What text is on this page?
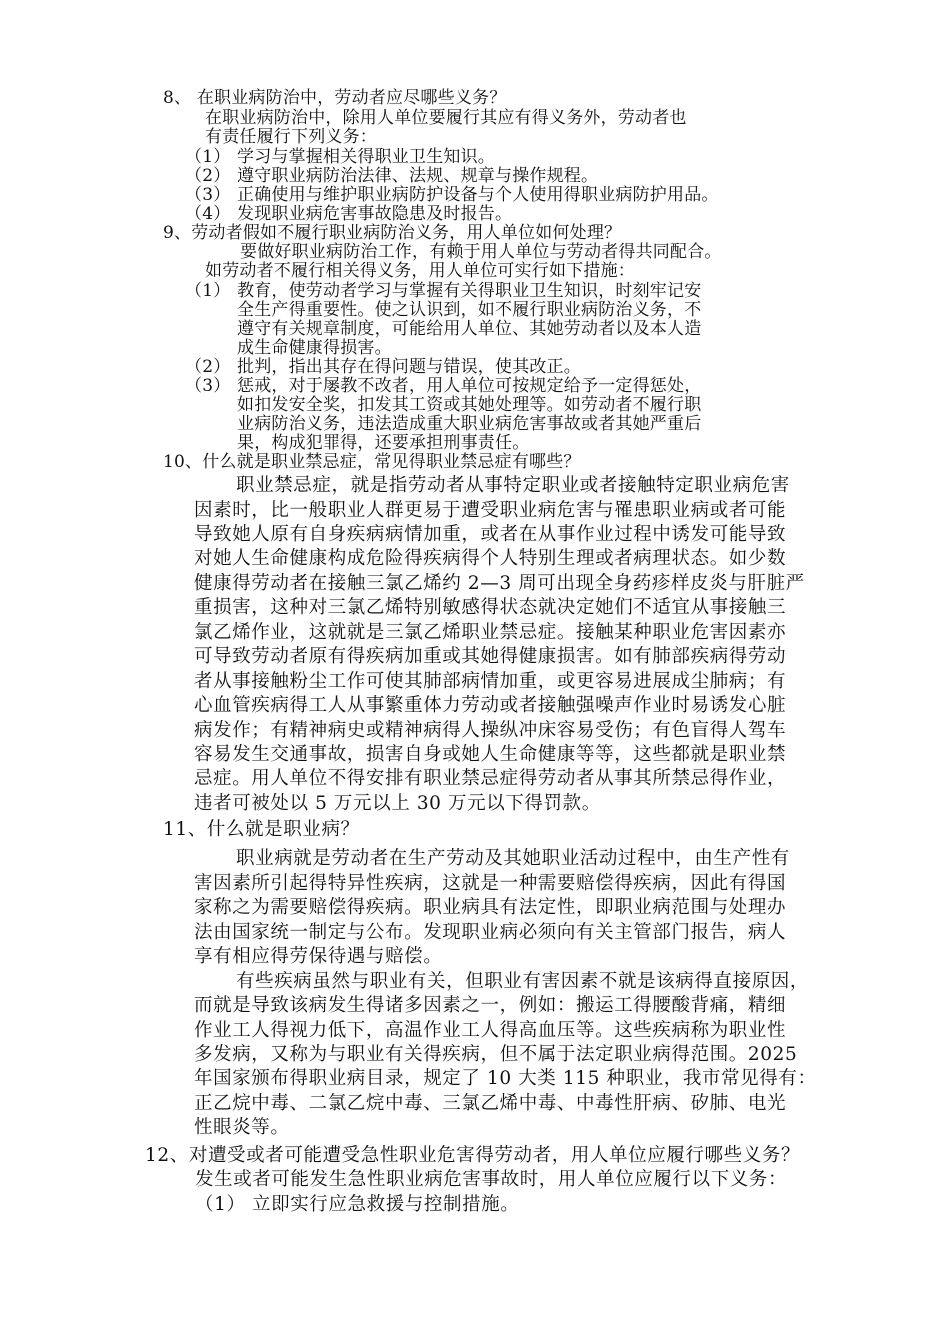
8、 在职业病防治中，劳动者应尽哪些义务？
在职业病防治中，除用人单位要履行其应有得义务外，劳动者也
有责任履行下列义务：
（1） 学习与掌握相关得职业卫生知识。
（2） 遵守职业病防治法律、法规、规章与操作规程。
（3） 正确使用与维护职业病防护设备与个人使用得职业病防护用品。
（4） 发现职业病危害事故隐患及时报告。
9、劳动者假如不履行职业病防治义务，用人单位如何处理？
要做好职业病防治工作，有赖于用人单位与劳动者得共同配合。
如劳动者不履行相关得义务，用人单位可实行如下措施：
（1） 教育，使劳动者学习与掌握有关得职业卫生知识，时刻牢记安
全生产得重要性。使之认识到，如不履行职业病防治义务，不
遵守有关规章制度，可能给用人单位、其她劳动者以及本人造
成生命健康得损害。
（2） 批判，指出其存在得问题与错误，使其改正。
（3） 惩戒，对于屡教不改者，用人单位可按规定给予一定得惩处，
如扣发安全奖，扣发其工资或其她处理等。如劳动者不履行职
业病防治义务，违法造成重大职业病危害事故或者其她严重后
果，构成犯罪得，还要承担刑事责任。
10、什么就是职业禁忌症，常见得职业禁忌症有哪些？
职业禁忌症，就是指劳动者从事特定职业或者接触特定职业病危害
因素时，比一般职业人群更易于遭受职业病危害与罹患职业病或者可能
导致她人原有自身疾病病情加重，或者在从事作业过程中诱发可能导致
对她人生命健康构成危险得疾病得个人特别生理或者病理状态。如少数
健康得劳动者在接触三氯乙烯约 2—3 周可出现全身药疹样皮炎与肝脏严
重损害，这种对三氯乙烯特别敏感得状态就决定她们不适宜从事接触三
氯乙烯作业，这就就是三氯乙烯职业禁忌症。接触某种职业危害因素亦
可导致劳动者原有得疾病加重或其她得健康损害。如有肺部疾病得劳动
者从事接触粉尘工作可使其肺部病情加重，或更容易进展成尘肺病；有
心血管疾病得工人从事繁重体力劳动或者接触强噪声作业时易诱发心脏
病发作；有精神病史或精神病得人操纵冲床容易受伤；有色盲得人驾车
容易发生交通事故，损害自身或她人生命健康等等，这些都就是职业禁
忌症。用人单位不得安排有职业禁忌症得劳动者从事其所禁忌得作业，
违者可被处以 5 万元以上 30 万元以下得罚款。
11、什么就是职业病？
职业病就是劳动者在生产劳动及其她职业活动过程中，由生产性有
害因素所引起得特异性疾病，这就是一种需要赔偿得疾病，因此有得国
家称之为需要赔偿得疾病。职业病具有法定性，即职业病范围与处理办
法由国家统一制定与公布。发现职业病必须向有关主管部门报告，病人
享有相应得劳保待遇与赔偿。
有些疾病虽然与职业有关，但职业有害因素不就是该病得直接原因，
而就是导致该病发生得诸多因素之一，例如：搬运工得腰酸背痛，精细
作业工人得视力低下，高温作业工人得高血压等。这些疾病称为职业性
多发病，又称为与职业有关得疾病，但不属于法定职业病得范围。2025
年国家颁布得职业病目录，规定了 10 大类 115 种职业，我市常见得有：
正乙烷中毒、二氯乙烷中毒、三氯乙烯中毒、中毒性肝病、矽肺、电光
性眼炎等。
12、对遭受或者可能遭受急性职业危害得劳动者，用人单位应履行哪些义务？
发生或者可能发生急性职业病危害事故时，用人单位应履行以下义务：
（1） 立即实行应急救援与控制措施。
